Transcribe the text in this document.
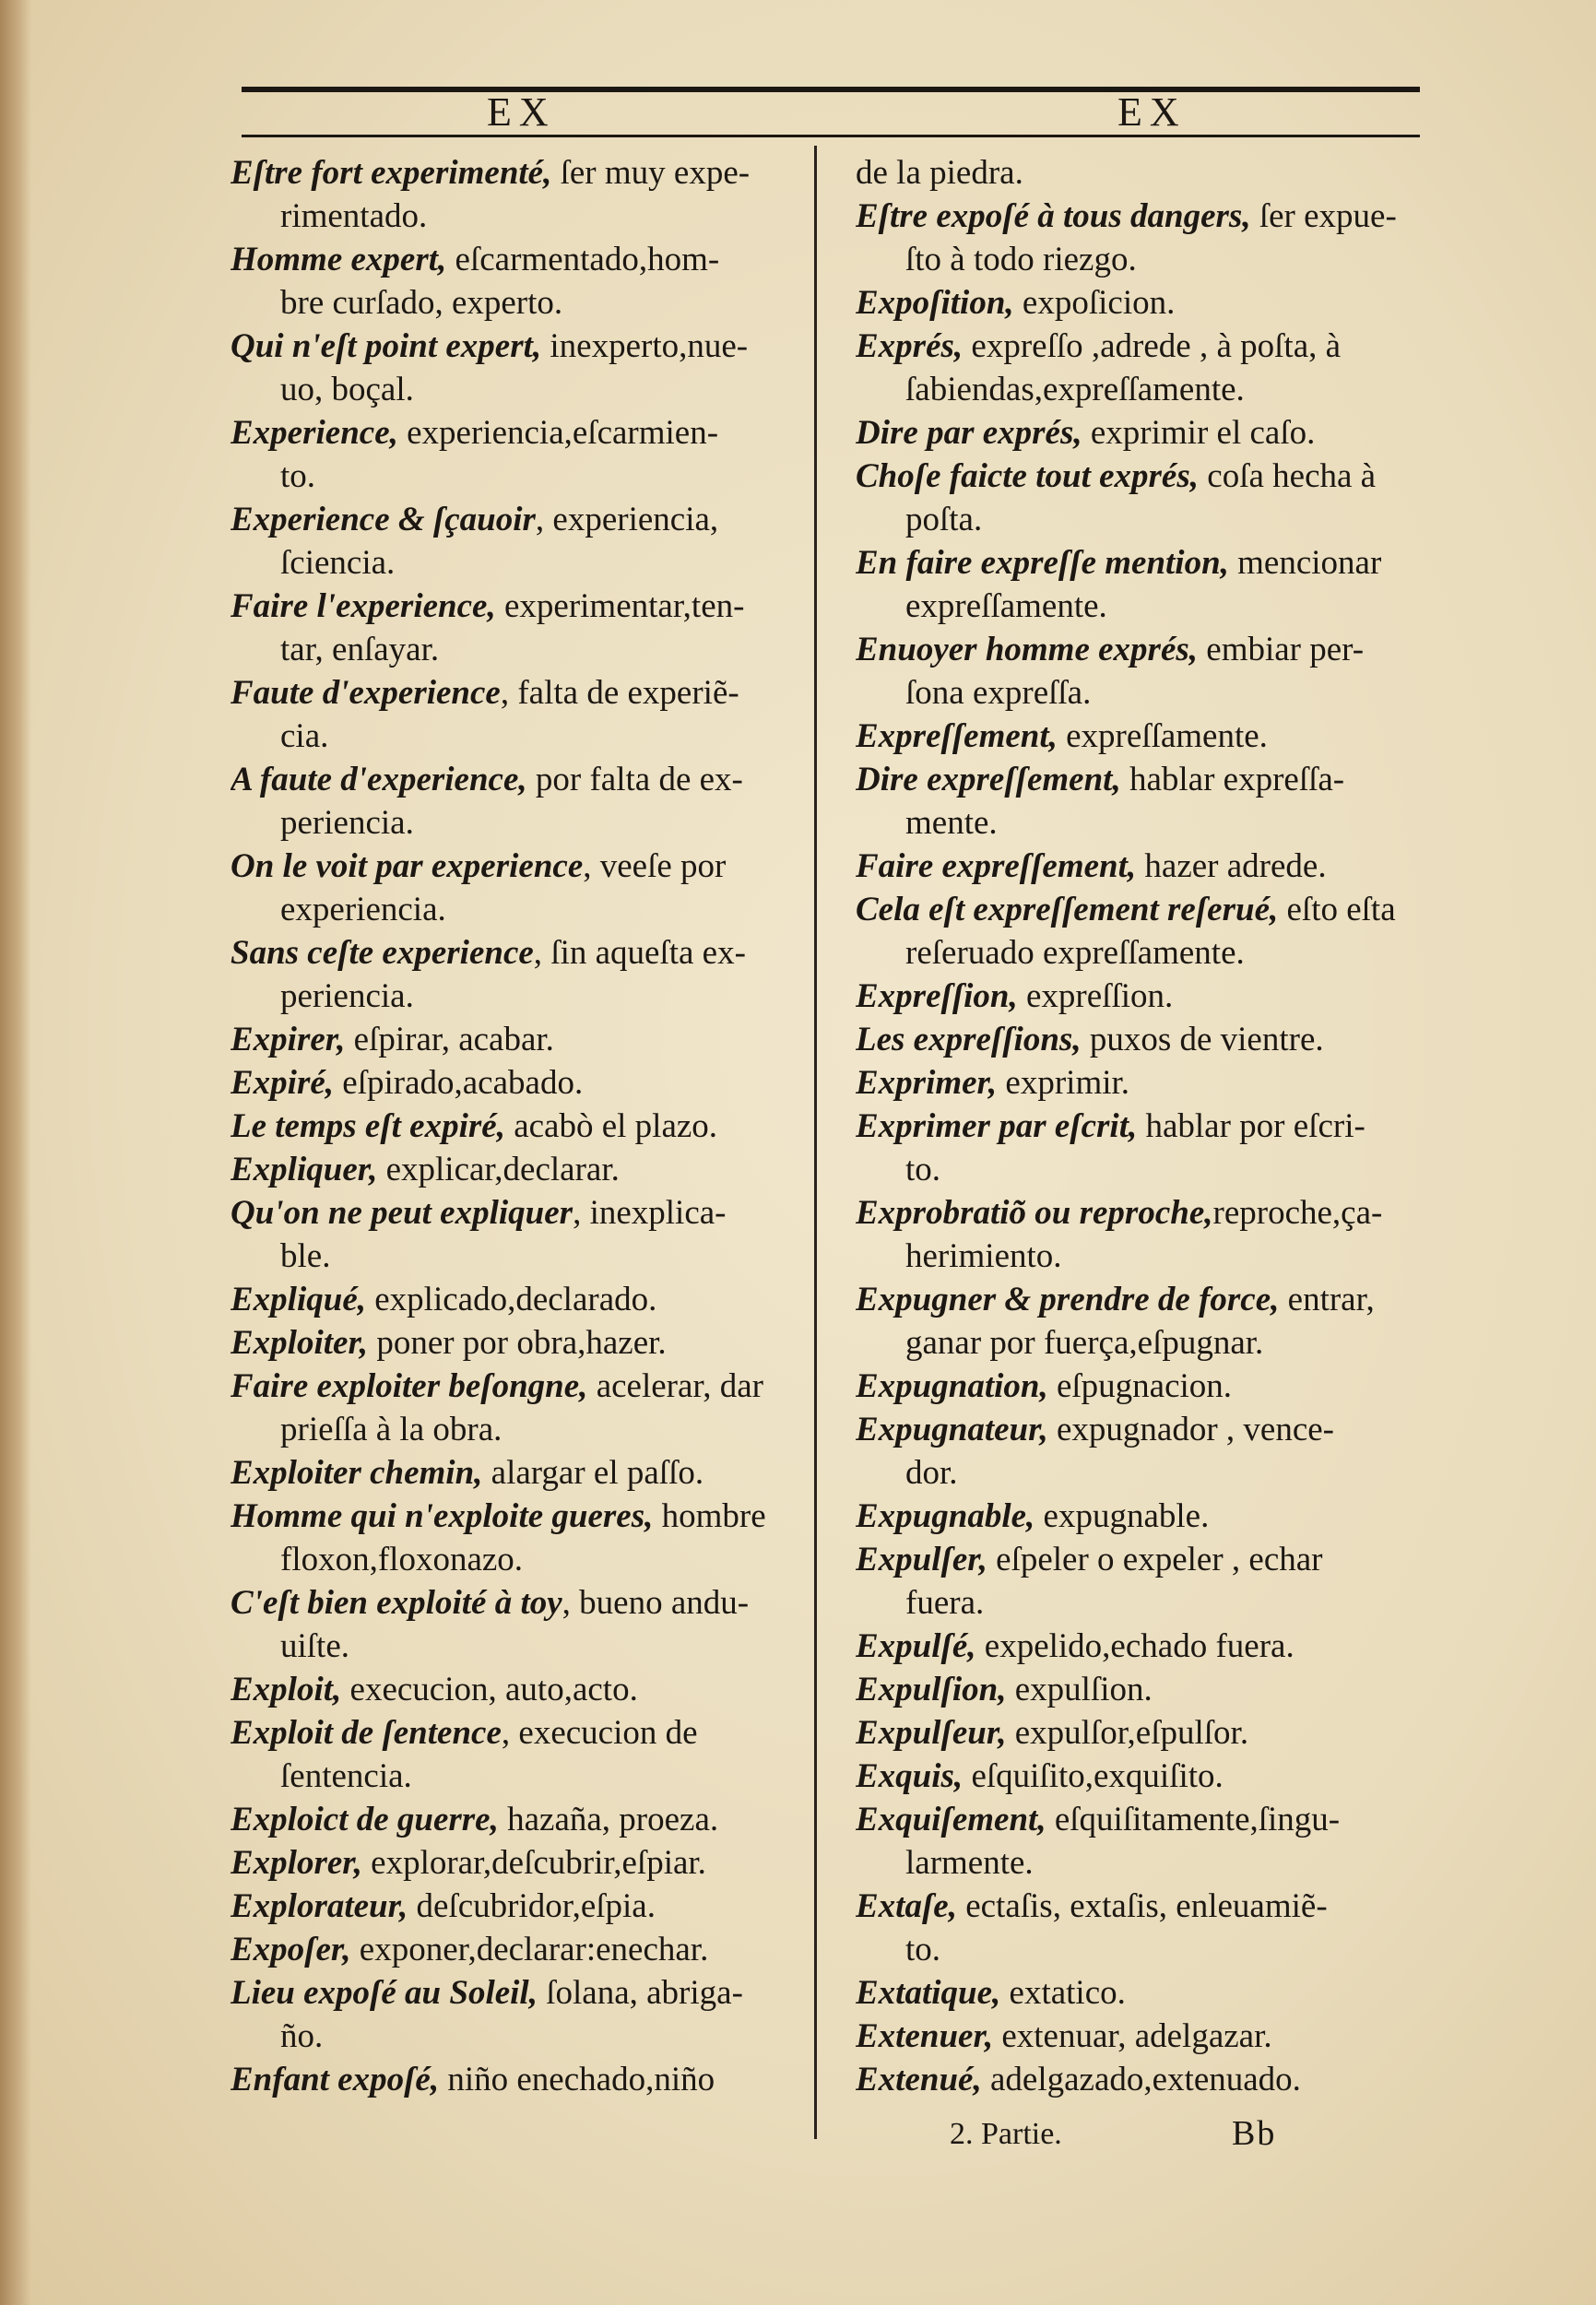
EX	EX
Eſtre fort experimenté, ſer muy expe-
rimentado.
Homme expert, eſcarmentado,hom-
bre curſado, experto.
Qui n'eſt point expert, inexperto,nue-
uo, boçal.
Experience, experiencia,eſcarmien-
to.
Experience & ſçauoir, experiencia,
ſciencia.
Faire l'experience, experimentar,ten-
tar, enſayar.
Faute d'experience, falta de experiẽ-
cia.
A faute d'experience, por falta de ex-
periencia.
On le voit par experience, veeſe por
experiencia.
Sans ceſte experience, ſin aqueſta ex-
periencia.
Expirer, eſpirar, acabar.
Expiré, eſpirado,acabado.
Le temps eſt expiré, acabò el plazo.
Expliquer, explicar,declarar.
Qu'on ne peut expliquer, inexplica-
ble.
Expliqué, explicado,declarado.
Exploiter, poner por obra,hazer.
Faire exploiter beſongne, acelerar, dar
prieſſa à la obra.
Exploiter chemin, alargar el paſſo.
Homme qui n'exploite gueres, hombre
floxon,floxonazo.
C'eſt bien exploité à toy, bueno andu-
uiſte.
Exploit, execucion, auto,acto.
Exploit de ſentence, execucion de
ſentencia.
Exploict de guerre, hazaña, proeza.
Explorer, explorar,deſcubrir,eſpiar.
Explorateur, deſcubridor,eſpia.
Expoſer, exponer,declarar:enechar.
Lieu expoſé au Soleil, ſolana, abriga-
ño.
Enfant expoſé, niño enechado,niño
de la piedra.
Eſtre expoſé à tous dangers, ſer expue-
ſto à todo riezgo.
Expoſition, expoſicion.
Exprés, expreſſo ,adrede , à poſta, à
ſabiendas,expreſſamente.
Dire par exprés, exprimir el caſo.
Choſe faicte tout exprés, coſa hecha à
poſta.
En faire expreſſe mention, mencionar
expreſſamente.
Enuoyer homme exprés, embiar per-
ſona expreſſa.
Expreſſement, expreſſamente.
Dire expreſſement, hablar expreſſa-
mente.
Faire expreſſement, hazer adrede.
Cela eſt expreſſement reſerué, eſto eſta
reſeruado expreſſamente.
Expreſſion, expreſſion.
Les expreſſions, puxos de vientre.
Exprimer, exprimir.
Exprimer par eſcrit, hablar por eſcri-
to.
Exprobratiõ ou reproche,reproche,ça-
herimiento.
Expugner & prendre de force, entrar,
ganar por fuerça,eſpugnar.
Expugnation, eſpugnacion.
Expugnateur, expugnador , vence-
dor.
Expugnable, expugnable.
Expulſer, eſpeler o expeler , echar
fuera.
Expulſé, expelido,echado fuera.
Expulſion, expulſion.
Expulſeur, expulſor,eſpulſor.
Exquis, eſquiſito,exquiſito.
Exquiſement, eſquiſitamente,ſingu-
larmente.
Extaſe, ectaſis, extaſis, enleuamiẽ-
to.
Extatique, extatico.
Extenuer, extenuar, adelgazar.
Extenué, adelgazado,extenuado.
2. Partie.	Bb
